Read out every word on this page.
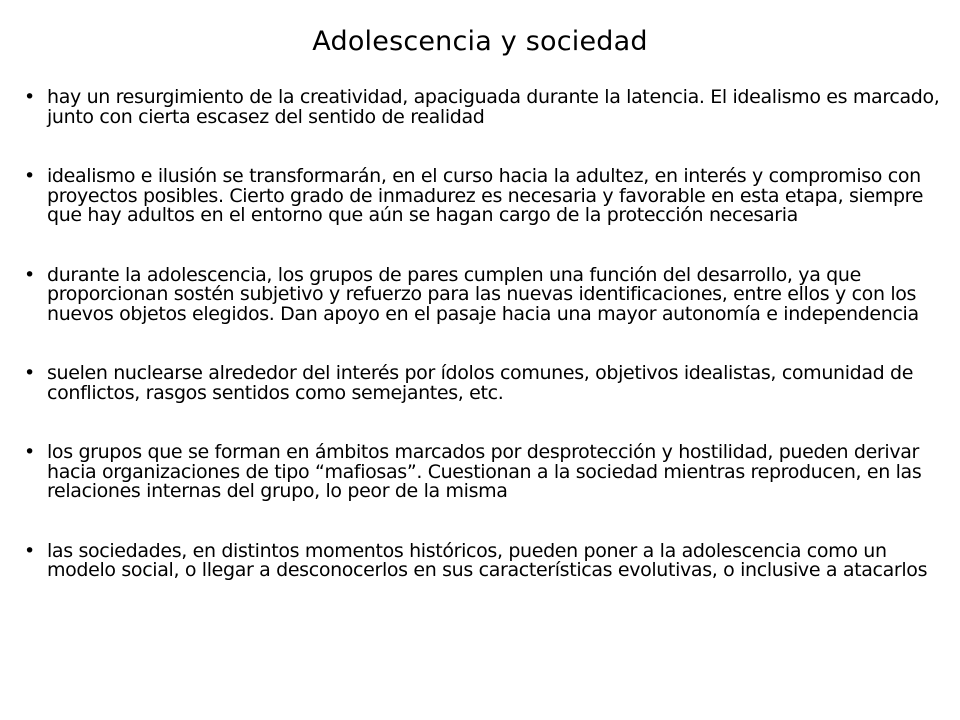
Adolescencia y sociedad
• hay un resurgimiento de la creatividad, apaciguada durante la latencia. El idealismo es marcado, junto con cierta escasez del sentido de realidad
• idealismo e ilusión se transformarán, en el curso hacia la adultez, en interés y compromiso con proyectos posibles. Cierto grado de inmadurez es necesaria y favorable en esta etapa, siempre que hay adultos en el entorno que aún se hagan cargo de la protección necesaria
• durante la adolescencia, los grupos de pares cumplen una función del desarrollo, ya que proporcionan sostén subjetivo y refuerzo para las nuevas identificaciones, entre ellos y con los nuevos objetos elegidos. Dan apoyo en el pasaje hacia una mayor autonomía e independencia
• suelen nuclearse alrededor del interés por ídolos comunes, objetivos idealistas, comunidad de conflictos, rasgos sentidos como semejantes, etc.
• los grupos que se forman en ámbitos marcados por desprotección y hostilidad, pueden derivar hacia organizaciones de tipo “mafiosas”. Cuestionan a la sociedad mientras reproducen, en las relaciones internas del grupo, lo peor de la misma
• las sociedades, en distintos momentos históricos, pueden poner a la adolescencia como un modelo social, o llegar a desconocerlos en sus características evolutivas, o inclusive a atacarlos
